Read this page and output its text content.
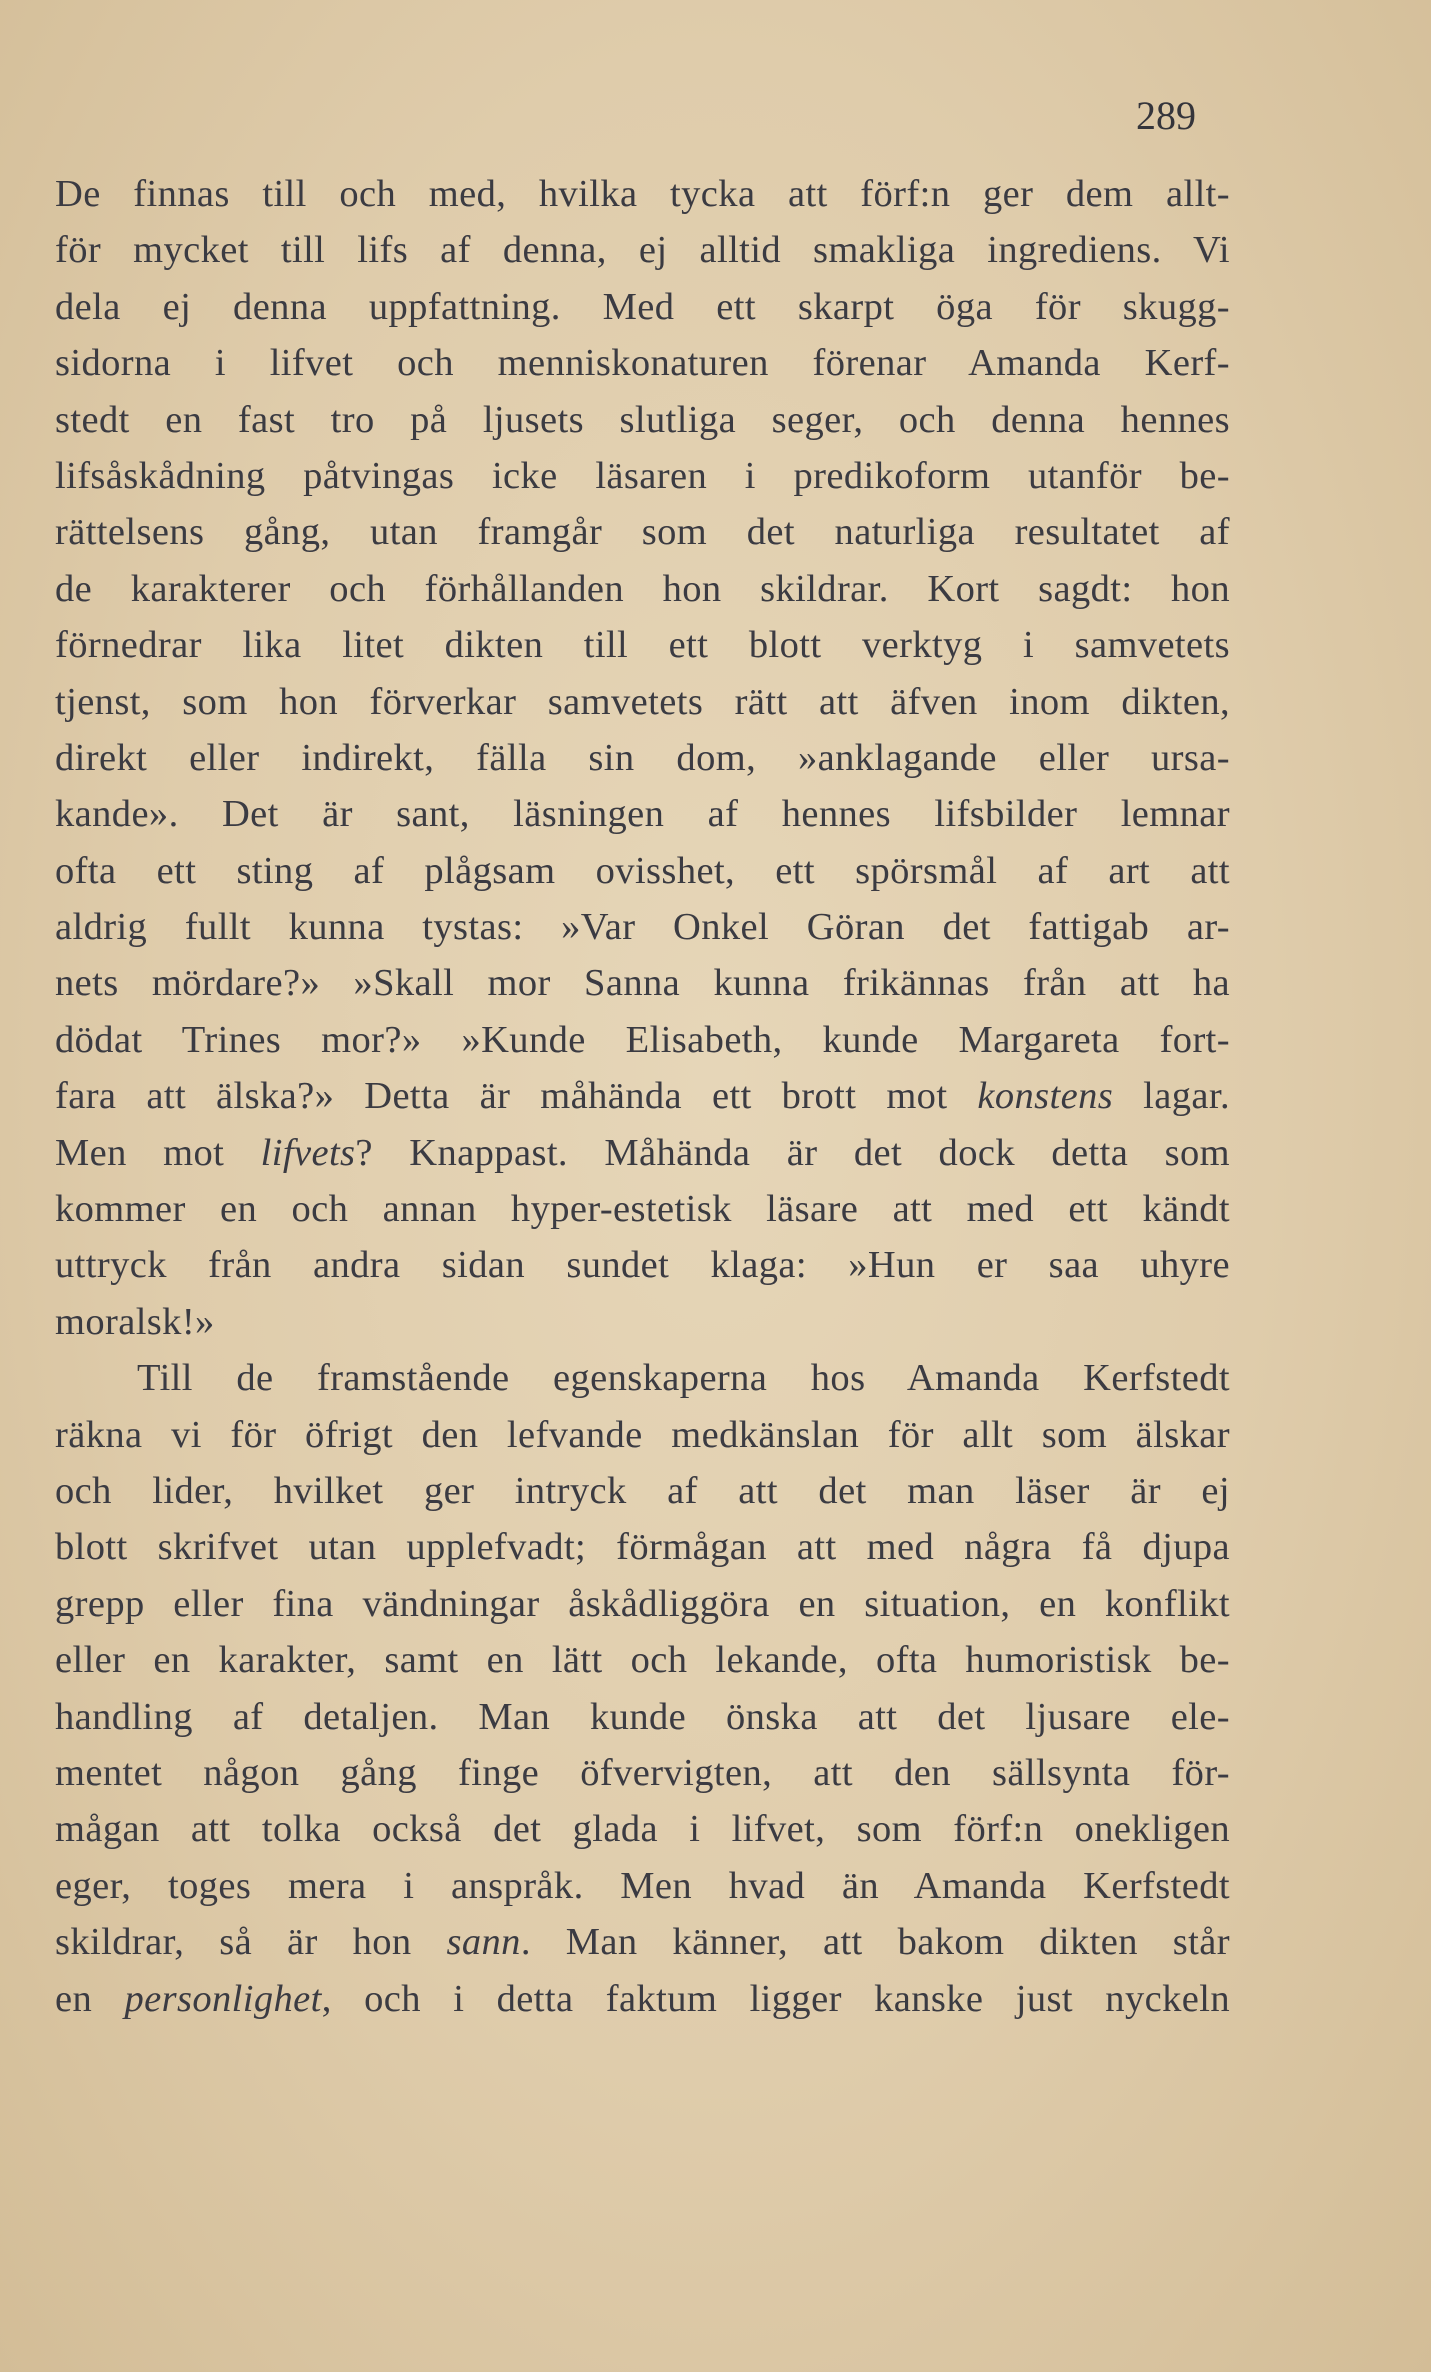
289
De finnas till och med, hvilka tycka att förf:n ger dem allt-
för mycket till lifs af denna, ej alltid smakliga ingrediens. Vi
dela ej denna uppfattning. Med ett skarpt öga för skugg-
sidorna i lifvet och menniskonaturen förenar Amanda Kerf-
stedt en fast tro på ljusets slutliga seger, och denna hennes
lifsåskådning påtvingas icke läsaren i predikoform utanför be-
rättelsens gång, utan framgår som det naturliga resultatet af
de karakterer och förhållanden hon skildrar. Kort sagdt: hon
förnedrar lika litet dikten till ett blott verktyg i samvetets
tjenst, som hon förverkar samvetets rätt att äfven inom dikten,
direkt eller indirekt, fälla sin dom, »anklagande eller ursa-
kande». Det är sant, läsningen af hennes lifsbilder lemnar
ofta ett sting af plågsam ovisshet, ett spörsmål af art att
aldrig fullt kunna tystas: »Var Onkel Göran det fattigab ar-
nets mördare?» »Skall mor Sanna kunna frikännas från att ha
dödat Trines mor?» »Kunde Elisabeth, kunde Margareta fort-
fara att älska?» Detta är måhända ett brott mot konstens lagar.
Men mot lifvets? Knappast. Måhända är det dock detta som
kommer en och annan hyper-estetisk läsare att med ett kändt
uttryck från andra sidan sundet klaga: »Hun er saa uhyre
moralsk!»
Till de framstående egenskaperna hos Amanda Kerfstedt
räkna vi för öfrigt den lefvande medkänslan för allt som älskar
och lider, hvilket ger intryck af att det man läser är ej
blott skrifvet utan upplefvadt; förmågan att med några få djupa
grepp eller fina vändningar åskådliggöra en situation, en konflikt
eller en karakter, samt en lätt och lekande, ofta humoristisk be-
handling af detaljen. Man kunde önska att det ljusare ele-
mentet någon gång finge öfvervigten, att den sällsynta för-
mågan att tolka också det glada i lifvet, som förf:n onekligen
eger, toges mera i anspråk. Men hvad än Amanda Kerfstedt
skildrar, så är hon sann. Man känner, att bakom dikten står
en personlighet, och i detta faktum ligger kanske just nyckeln
